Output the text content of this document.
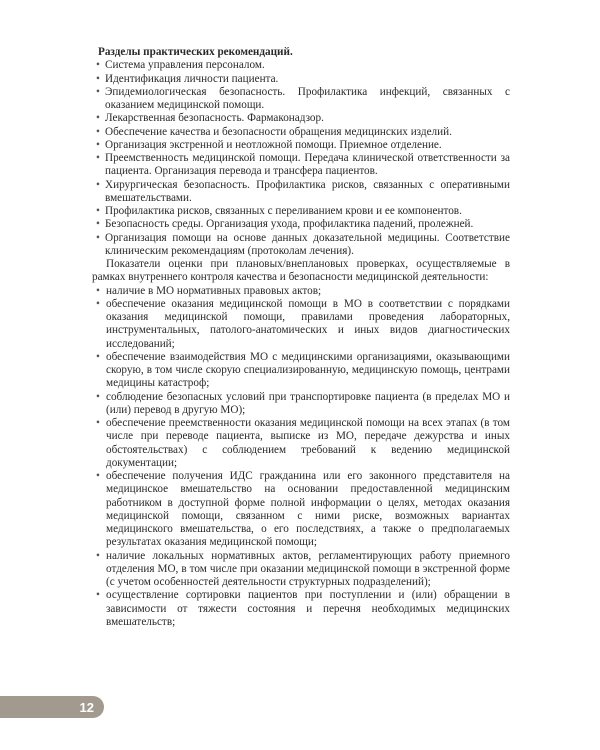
Разделы практических рекомендаций.

• Система управления персоналом.
• Идентификация личности пациента.
• Эпидемиологическая безопасность. Профилактика инфекций, связанных с оказанием медицинской помощи.
• Лекарственная безопасность. Фармаконадзор.
• Обеспечение качества и безопасности обращения медицинских изделий.
• Организация экстренной и неотложной помощи. Приемное отделение.
• Преемственность медицинской помощи. Передача клинической ответственности за пациента. Организация перевода и трансфера пациентов.
• Хирургическая безопасность. Профилактика рисков, связанных с оперативными вмешательствами.
• Профилактика рисков, связанных с переливанием крови и ее компонентов.
• Безопасность среды. Организация ухода, профилактика падений, пролежней.
• Организация помощи на основе данных доказательной медицины. Соответствие клиническим рекомендациям (протоколам лечения).

Показатели оценки при плановых/внеплановых проверках, осуществляемые в рамках внутреннего контроля качества и безопасности медицинской деятельности:

• наличие в МО нормативных правовых актов;
• обеспечение оказания медицинской помощи в МО в соответствии с порядками оказания медицинской помощи, правилами проведения лабораторных, инструментальных, патолого-анатомических и иных видов диагностических исследований;
• обеспечение взаимодействия МО с медицинскими организациями, оказывающими скорую, в том числе скорую специализированную, медицинскую помощь, центрами медицины катастроф;
• соблюдение безопасных условий при транспортировке пациента (в пределах МО и (или) перевод в другую МО);
• обеспечение преемственности оказания медицинской помощи на всех этапах (в том числе при переводе пациента, выписке из МО, передаче дежурства и иных обстоятельствах) с соблюдением требований к ведению медицинской документации;
• обеспечение получения ИДС гражданина или его законного представителя на медицинское вмешательство на основании предоставленной медицинским работником в доступной форме полной информации о целях, методах оказания медицинской помощи, связанном с ними риске, возможных вариантах медицинского вмешательства, о его последствиях, а также о предполагаемых результатах оказания медицинской помощи;
• наличие локальных нормативных актов, регламентирующих работу приемного отделения МО, в том числе при оказании медицинской помощи в экстренной форме (с учетом особенностей деятельности структурных подразделений);
• осуществление сортировки пациентов при поступлении и (или) обращении в зависимости от тяжести состояния и перечня необходимых медицинских вмешательств;
12
